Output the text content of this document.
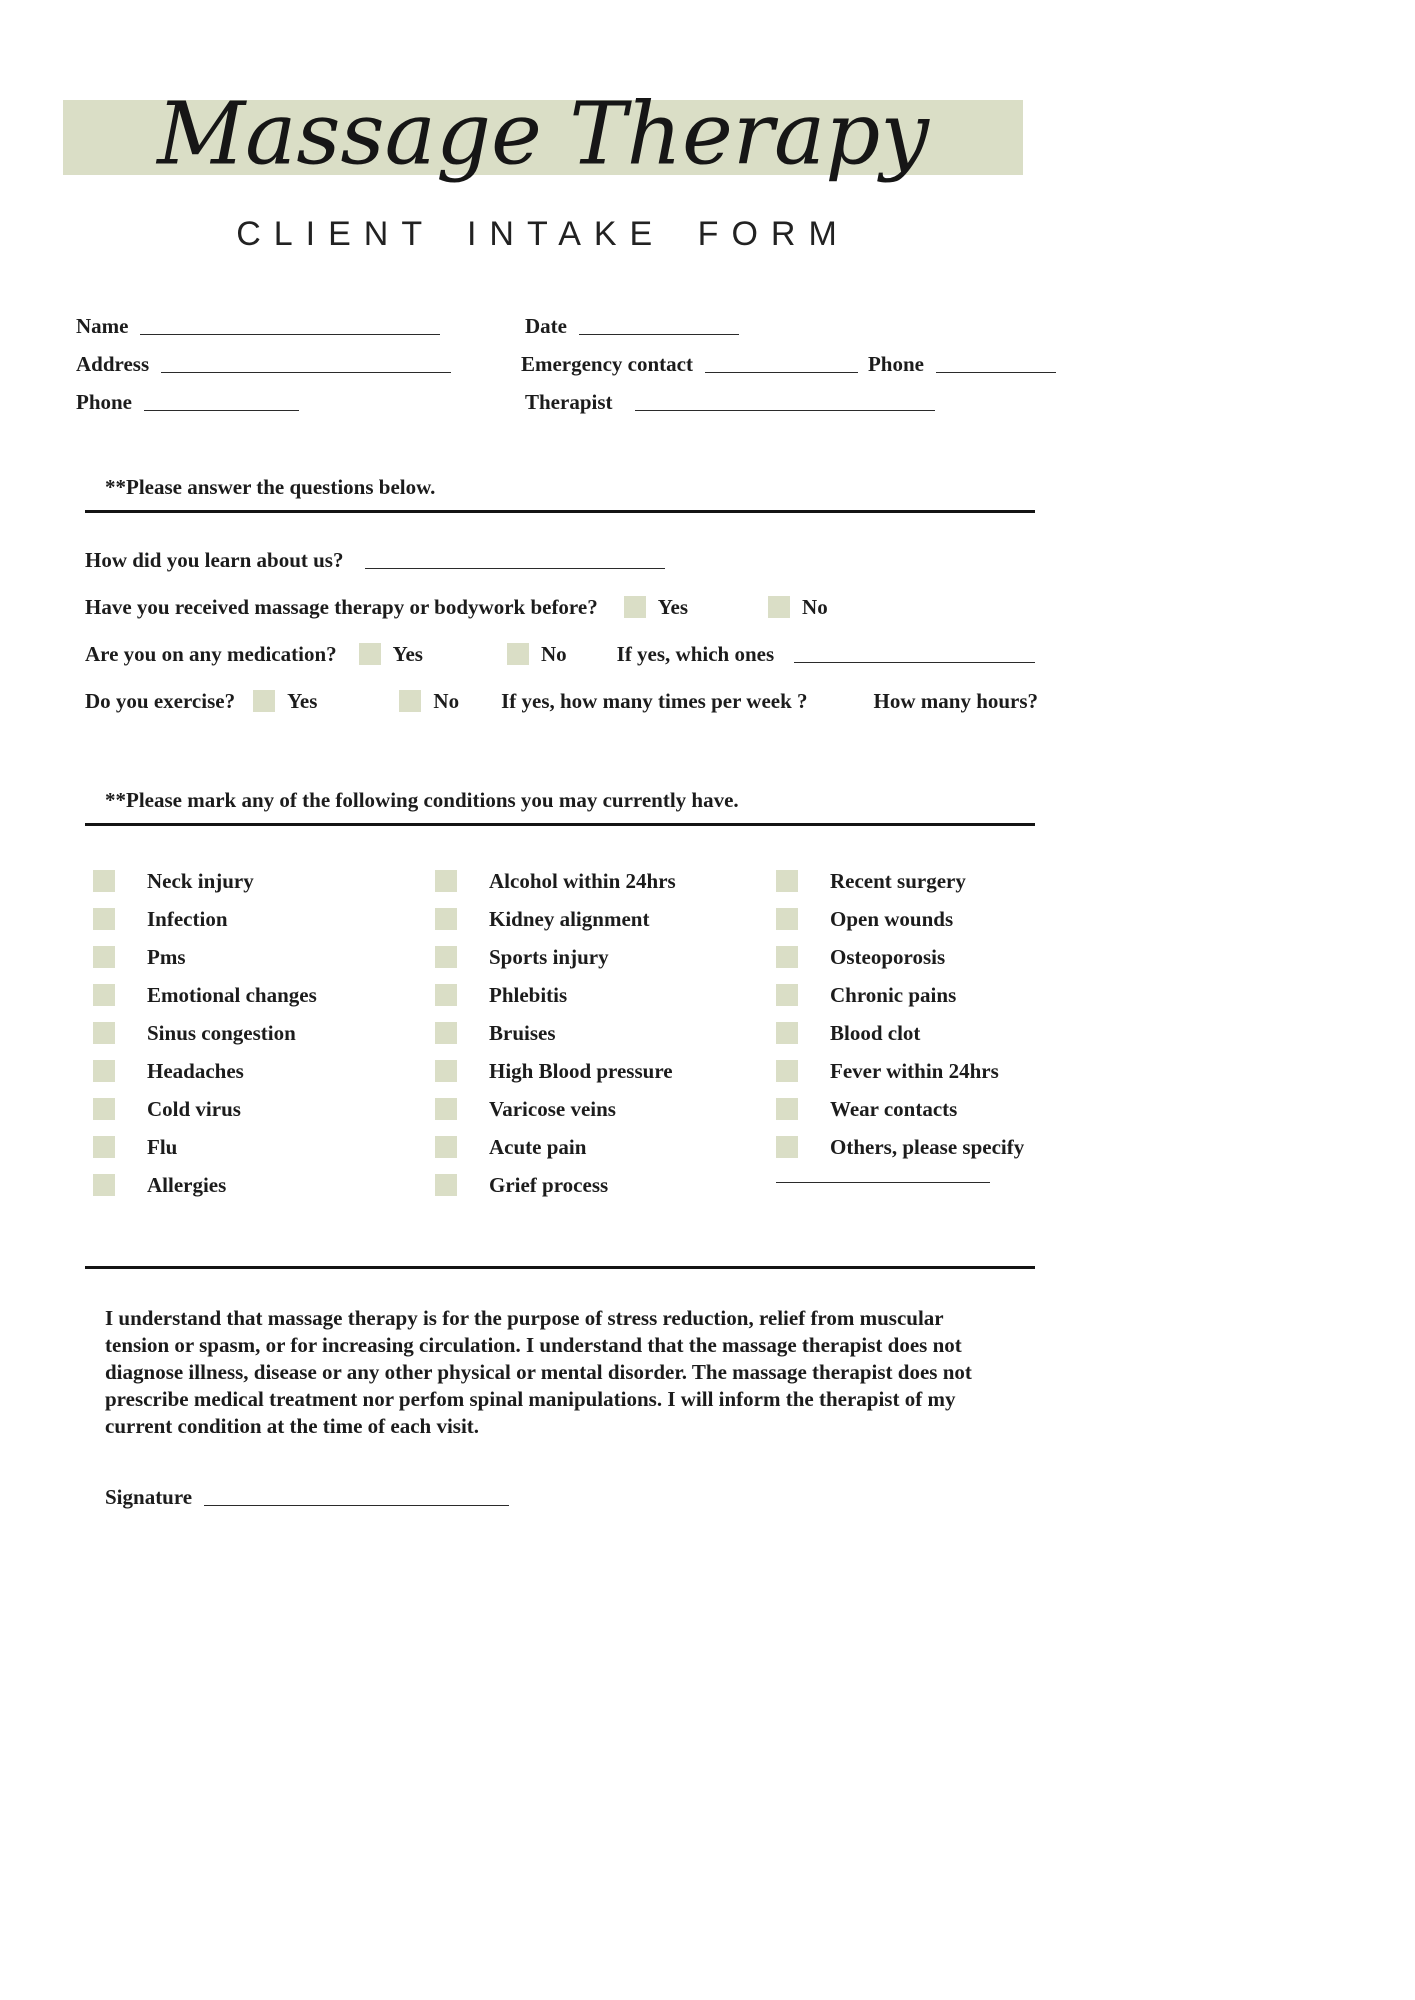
Massage Therapy
CLIENT INTAKE FORM
Name	Date
Address	Emergency contact	Phone
Phone	Therapist

**Please answer the questions below.

How did you learn about us?
Have you received massage therapy or bodywork before?	Yes	No
Are you on any medication?	Yes	No If yes, which ones
Do you exercise? Yes	No If yes, how many times per week ?	How many hours?

**Please mark any of the following conditions you may currently have.

Neck injury
Infection
Pms
Emotional changes
Sinus congestion
Headaches
Cold virus
Flu
Allergies
Alcohol within 24hrs
Kidney alignment
Sports injury
Phlebitis
Bruises
High Blood pressure
Varicose veins
Acute pain
Grief process
Recent surgery
Open wounds
Osteoporosis
Chronic pains
Blood clot
Fever within 24hrs
Wear contacts
Others, please specify

I understand that massage therapy is for the purpose of stress reduction, relief from muscular tension or spasm, or for increasing circulation. I understand that the massage therapist does not diagnose illness, disease or any other physical or mental disorder. The massage therapist does not prescribe medical treatment nor perfom spinal manipulations. I will inform the therapist of my current condition at the time of each visit.

Signature
